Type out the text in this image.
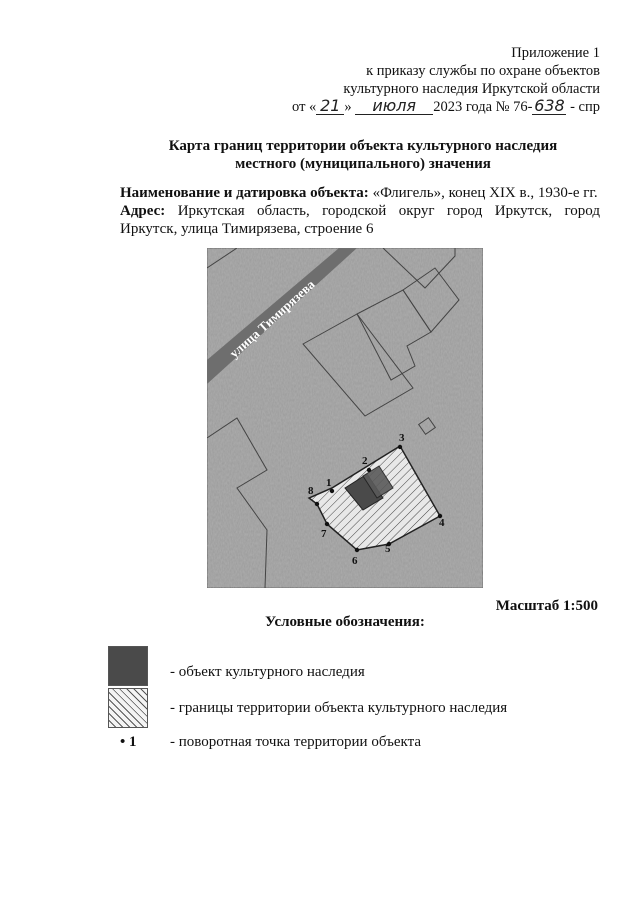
Приложение 1
к приказу службы по охране объектов
культурного наследия Иркутской области
от « 21 » июля 2023 года № 76- 638 - спр
Карта границ территории объекта культурного наследия
местного (муниципального) значения
Наименование и датировка объекта: «Флигель», конец XIX в., 1930-е гг.
Адрес: Иркутская область, городской округ город Иркутск, город Иркутск, улица Тимирязева, строение 6
улица Тимирязева
1
2
3
4
5
6
7
8
Масштаб 1:500
Условные обозначения:
- объект культурного наследия
- границы территории объекта культурного наследия
• 1 - поворотная точка территории объекта
